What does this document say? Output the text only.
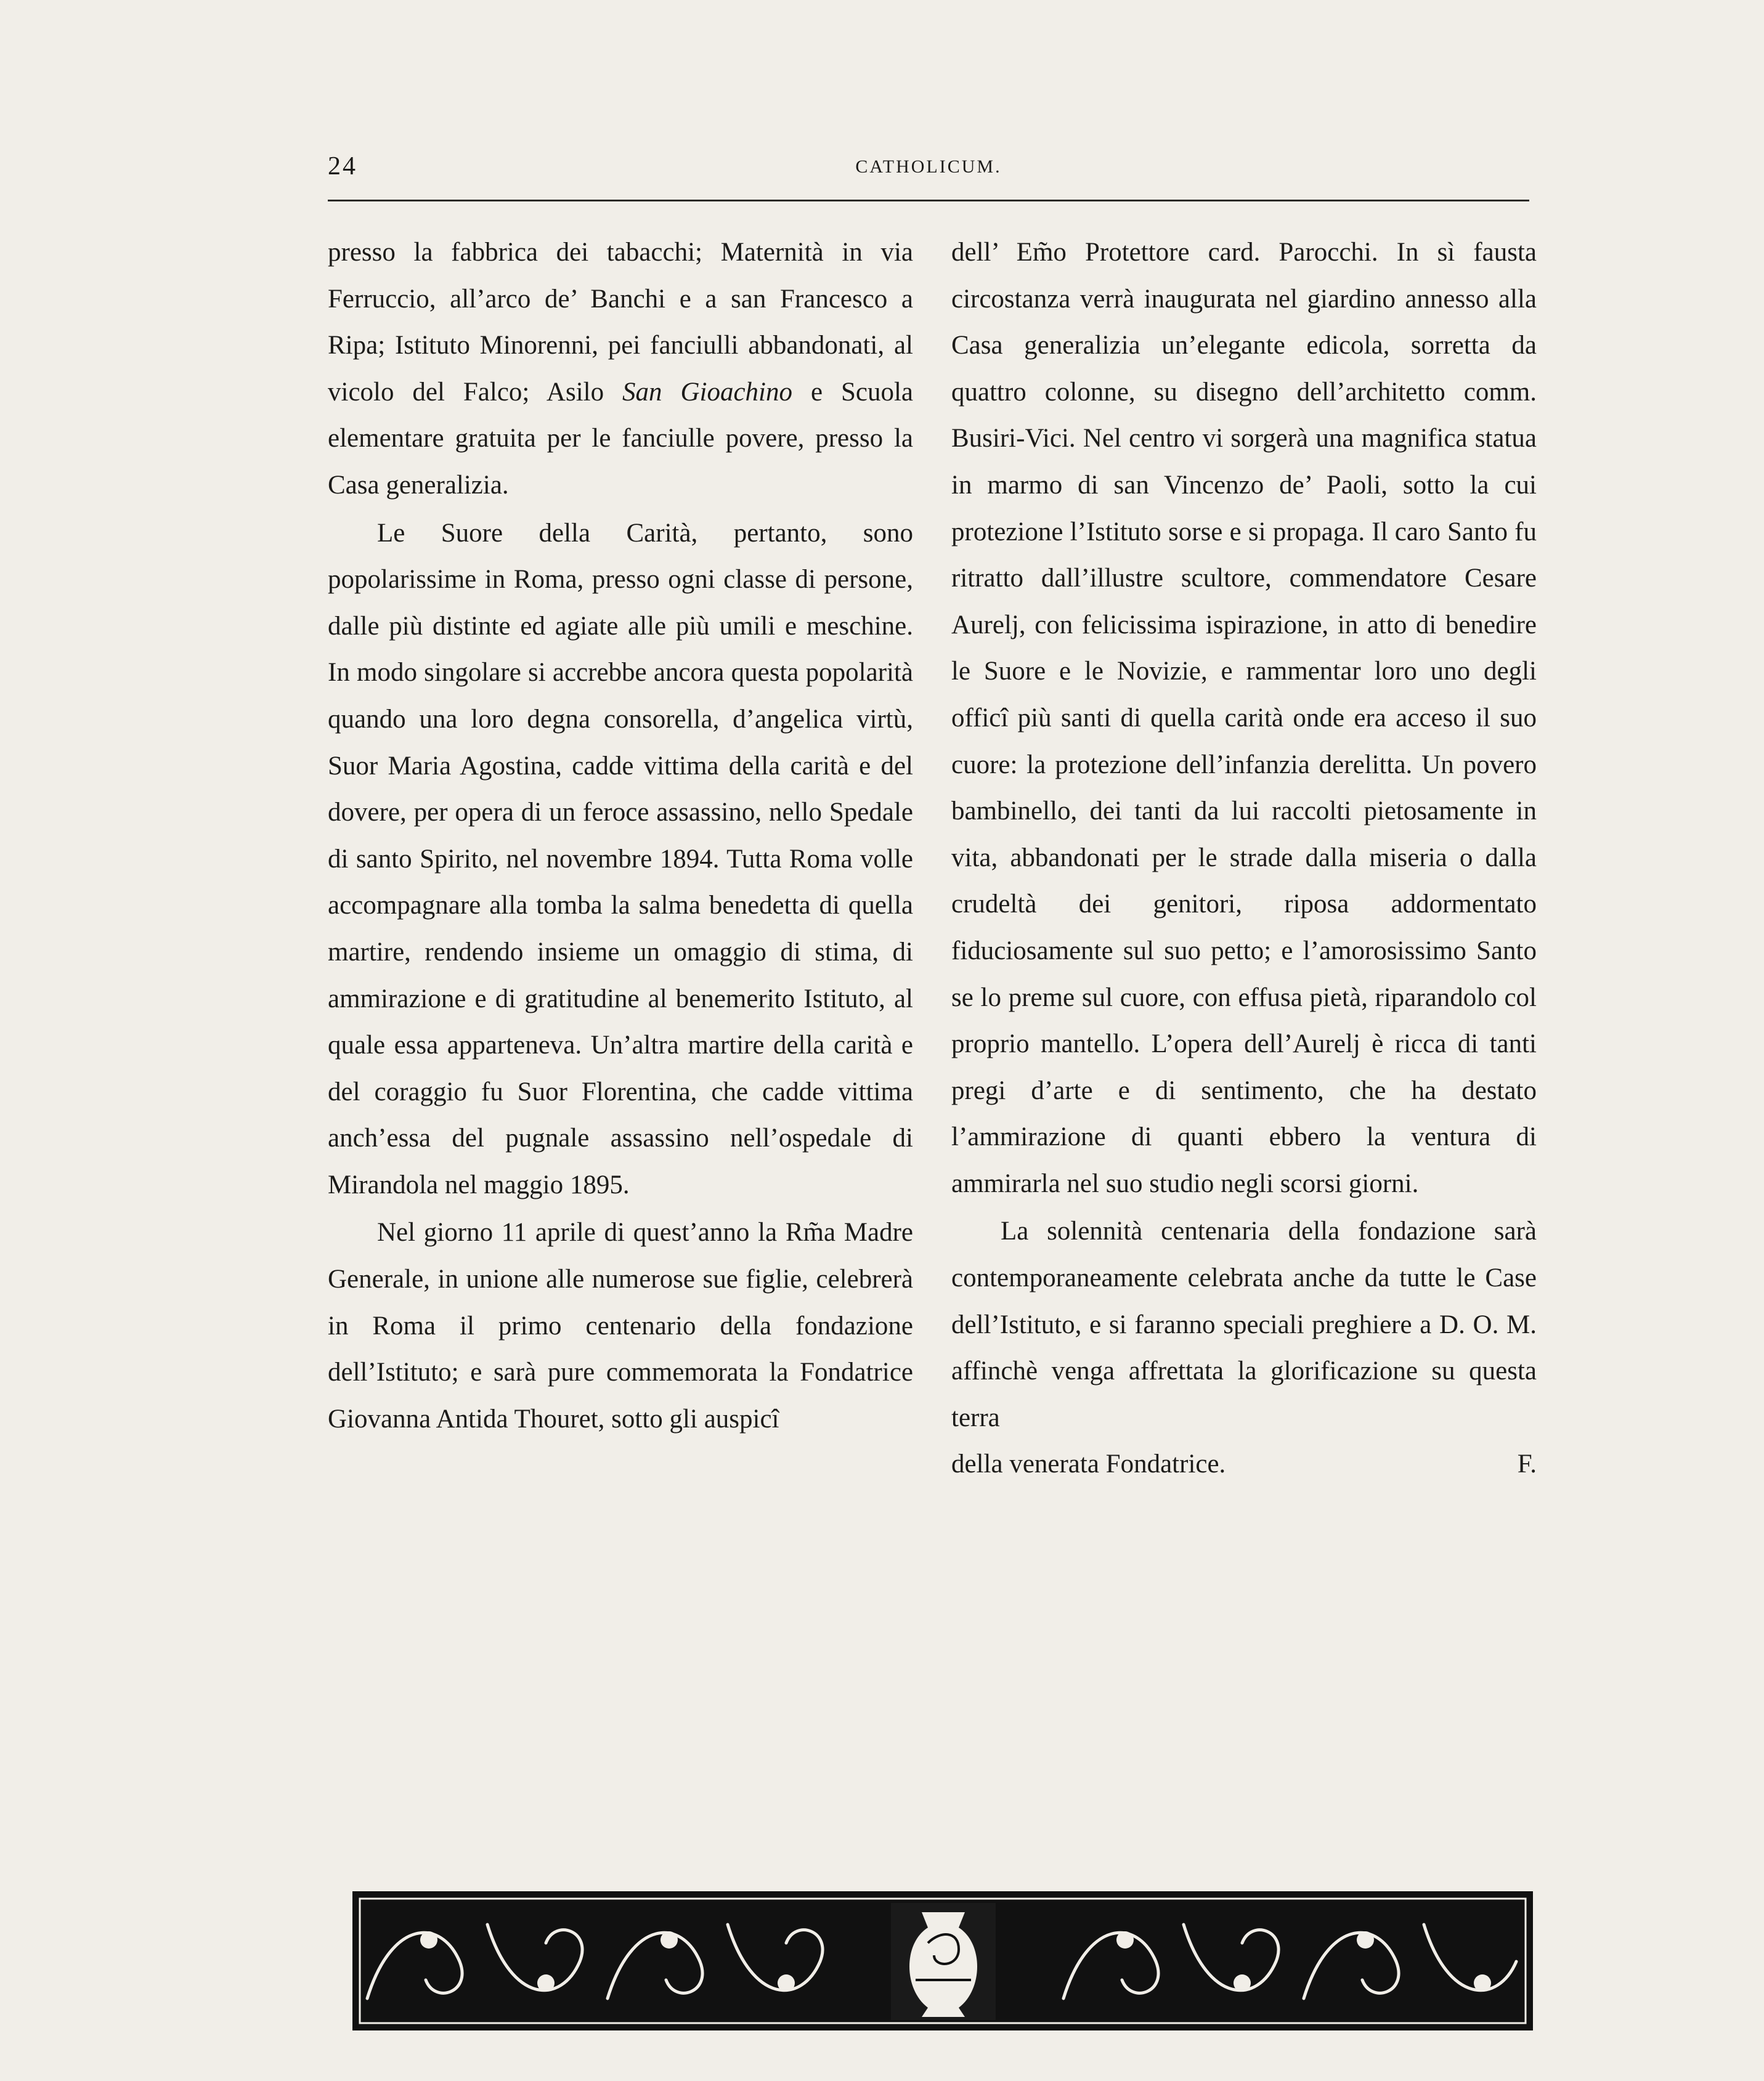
24	CATHOLICUM.

presso la fabbrica dei tabacchi; Maternità in via Ferruccio, all’arco de’ Banchi e a san Francesco a Ripa; Istituto Minorenni, pei fanciulli abbandonati, al vicolo del Falco; Asilo San Gioachino e Scuola elementare gratuita per le fanciulle povere, presso la Casa generalizia.

Le Suore della Carità, pertanto, sono popolarissime in Roma, presso ogni classe di persone, dalle più distinte ed agiate alle più umili e meschine. In modo singolare si accrebbe ancora questa popolarità quando una loro degna consorella, d’angelica virtù, Suor Maria Agostina, cadde vittima della carità e del dovere, per opera di un feroce assassino, nello Spedale di santo Spirito, nel novembre 1894. Tutta Roma volle accompagnare alla tomba la salma benedetta di quella martire, rendendo insieme un omaggio di stima, di ammirazione e di gratitudine al benemerito Istituto, al quale essa apparteneva. Un’altra martire della carità e del coraggio fu Suor Florentina, che cadde vittima anch’essa del pugnale assassino nell’ospedale di Mirandola nel maggio 1895.

Nel giorno 11 aprile di quest’anno la Rm̃a Madre Generale, in unione alle numerose sue figlie, celebrerà in Roma il primo centenario della fondazione dell’Istituto; e sarà pure commemorata la Fondatrice Giovanna Antida Thouret, sotto gli auspicî

dell’ Em̃o Protettore card. Parocchi. In sì fausta circostanza verrà inaugurata nel giardino annesso alla Casa generalizia un’elegante edicola, sorretta da quattro colonne, su disegno dell’architetto comm. Busiri-Vici. Nel centro vi sorgerà una magnifica statua in marmo di san Vincenzo de’ Paoli, sotto la cui protezione l’Istituto sorse e si propaga. Il caro Santo fu ritratto dall’illustre scultore, commendatore Cesare Aurelj, con felicissima ispirazione, in atto di benedire le Suore e le Novizie, e rammentar loro uno degli officî più santi di quella carità onde era acceso il suo cuore: la protezione dell’infanzia derelitta. Un povero bambinello, dei tanti da lui raccolti pietosamente in vita, abbandonati per le strade dalla miseria o dalla crudeltà dei genitori, riposa addormentato fiduciosamente sul suo petto; e l’amorosissimo Santo se lo preme sul cuore, con effusa pietà, riparandolo col proprio mantello. L’opera dell’Aurelj è ricca di tanti pregi d’arte e di sentimento, che ha destato l’ammirazione di quanti ebbero la ventura di ammirarla nel suo studio negli scorsi giorni.

La solennità centenaria della fondazione sarà contemporaneamente celebrata anche da tutte le Case dell’Istituto, e si faranno speciali preghiere a D. O. M. affinchè venga affrettata la glorificazione su questa terra

della venerata Fondatrice.	F.
